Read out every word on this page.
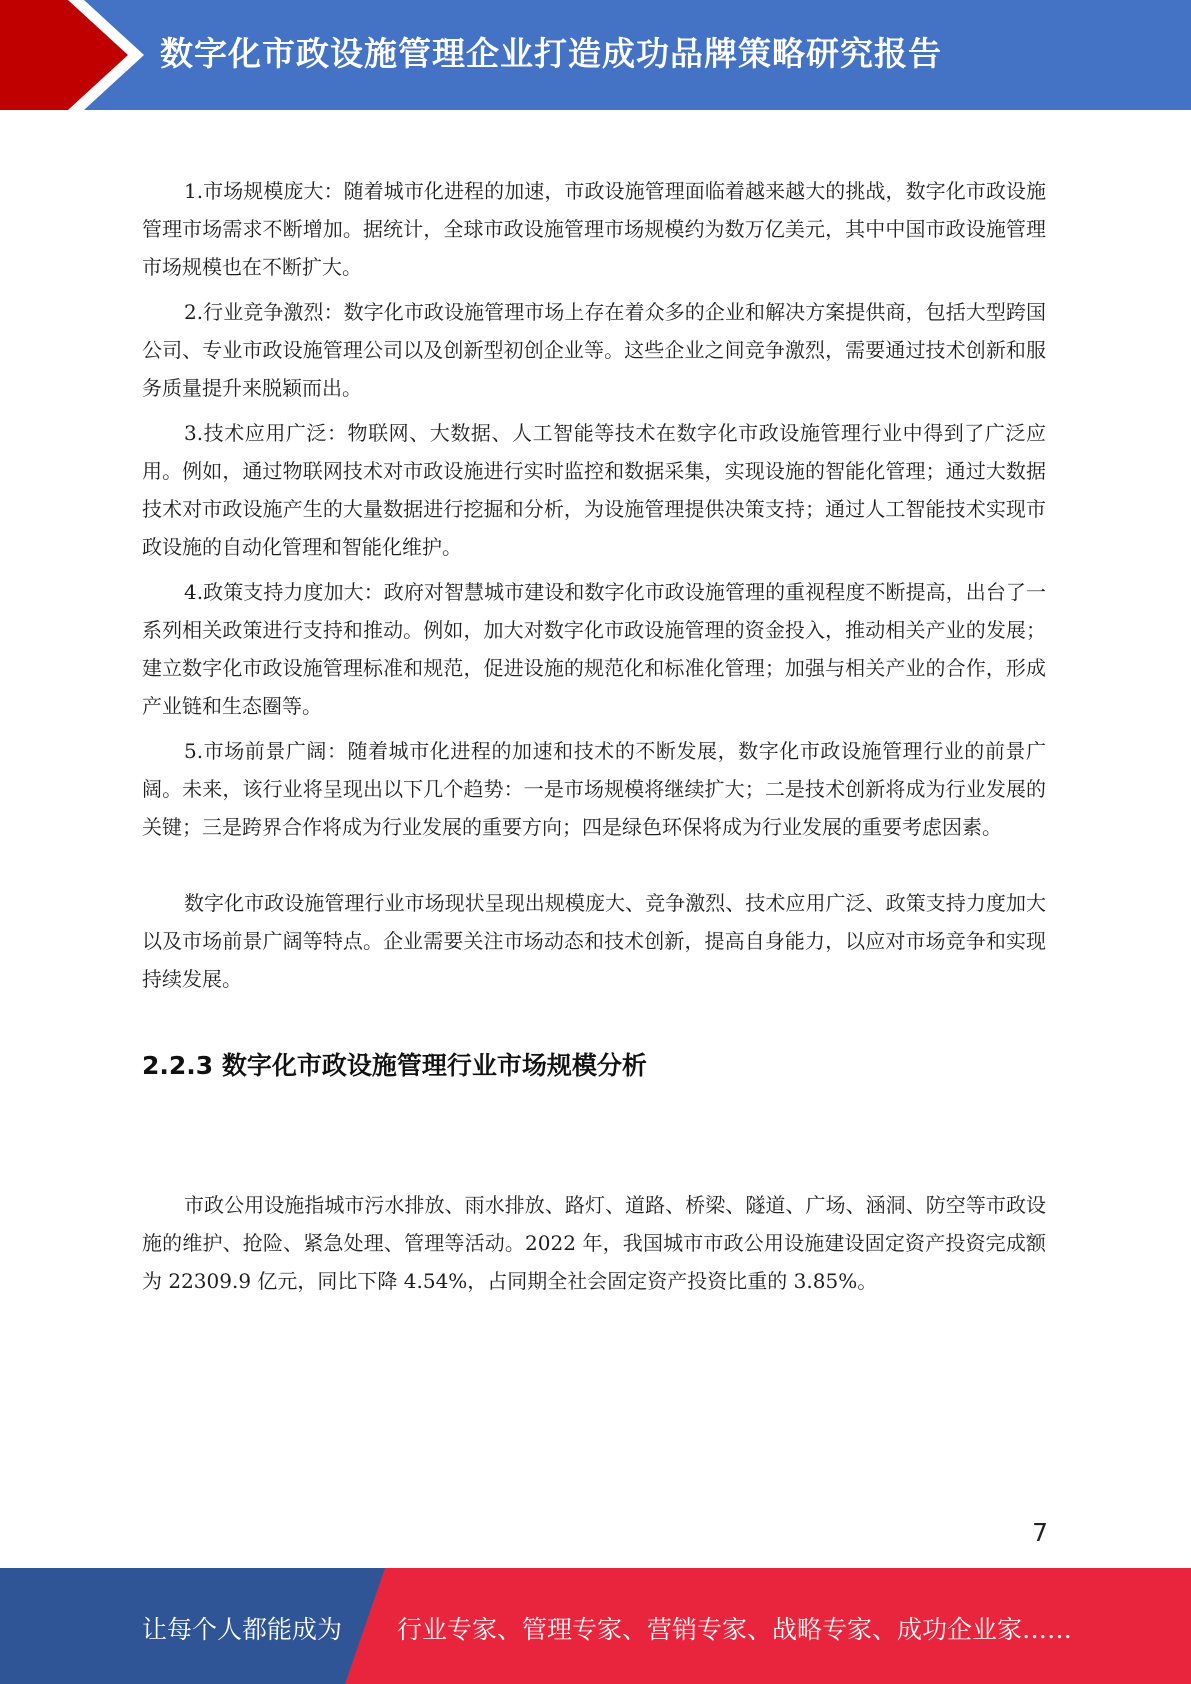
数字化市政设施管理企业打造成功品牌策略研究报告

1.市场规模庞大：随着城市化进程的加速，市政设施管理面临着越来越大的挑战，数字化市政设施管理市场需求不断增加。据统计，全球市政设施管理市场规模约为数万亿美元，其中中国市政设施管理市场规模也在不断扩大。

2.行业竞争激烈：数字化市政设施管理市场上存在着众多的企业和解决方案提供商，包括大型跨国公司、专业市政设施管理公司以及创新型初创企业等。这些企业之间竞争激烈，需要通过技术创新和服务质量提升来脱颖而出。

3.技术应用广泛：物联网、大数据、人工智能等技术在数字化市政设施管理行业中得到了广泛应用。例如，通过物联网技术对市政设施进行实时监控和数据采集，实现设施的智能化管理；通过大数据技术对市政设施产生的大量数据进行挖掘和分析，为设施管理提供决策支持；通过人工智能技术实现市政设施的自动化管理和智能化维护。

4.政策支持力度加大：政府对智慧城市建设和数字化市政设施管理的重视程度不断提高，出台了一系列相关政策进行支持和推动。例如，加大对数字化市政设施管理的资金投入，推动相关产业的发展；建立数字化市政设施管理标准和规范，促进设施的规范化和标准化管理；加强与相关产业的合作，形成产业链和生态圈等。

5.市场前景广阔：随着城市化进程的加速和技术的不断发展，数字化市政设施管理行业的前景广阔。未来，该行业将呈现出以下几个趋势：一是市场规模将继续扩大；二是技术创新将成为行业发展的关键；三是跨界合作将成为行业发展的重要方向；四是绿色环保将成为行业发展的重要考虑因素。

数字化市政设施管理行业市场现状呈现出规模庞大、竞争激烈、技术应用广泛、政策支持力度加大以及市场前景广阔等特点。企业需要关注市场动态和技术创新，提高自身能力，以应对市场竞争和实现持续发展。

2.2.3 数字化市政设施管理行业市场规模分析

市政公用设施指城市污水排放、雨水排放、路灯、道路、桥梁、隧道、广场、涵洞、防空等市政设施的维护、抢险、紧急处理、管理等活动。2022 年，我国城市市政公用设施建设固定资产投资完成额为 22309.9 亿元，同比下降 4.54%，占同期全社会固定资产投资比重的 3.85%。

7
让每个人都能成为 行业专家、管理专家、营销专家、战略专家、成功企业家……
